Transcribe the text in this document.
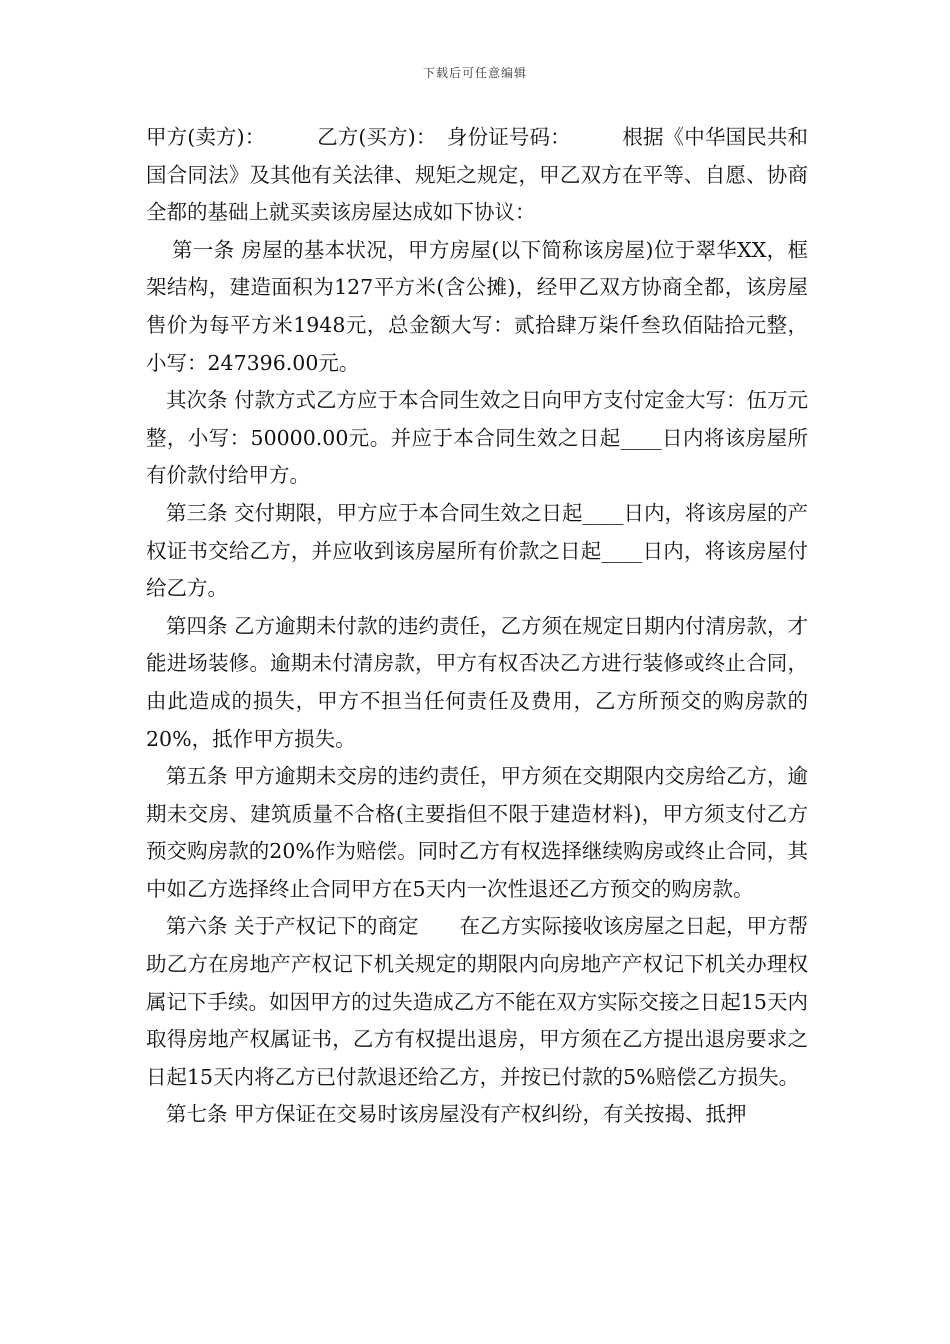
下载后可任意编辑

甲方(卖方)：　　　乙方(买方)：　身份证号码：　　　根据《中华国民共和国合同法》及其他有关法律、规矩之规定，甲乙双方在平等、自愿、协商全都的基础上就买卖该房屋达成如下协议：

第一条 房屋的基本状况，甲方房屋(以下简称该房屋)位于翠华XX，框架结构，建造面积为127平方米(含公摊)，经甲乙双方协商全都，该房屋售价为每平方米1948元，总金额大写：贰拾肆万柒仟叁玖佰陆拾元整，小写：247396.00元。

其次条 付款方式乙方应于本合同生效之日向甲方支付定金大写：伍万元整，小写：50000.00元。并应于本合同生效之日起____日内将该房屋所有价款付给甲方。

第三条 交付期限，甲方应于本合同生效之日起____日内，将该房屋的产权证书交给乙方，并应收到该房屋所有价款之日起____日内，将该房屋付给乙方。

第四条 乙方逾期未付款的违约责任，乙方须在规定日期内付清房款，才能进场装修。逾期未付清房款，甲方有权否决乙方进行装修或终止合同，由此造成的损失，甲方不担当任何责任及费用，乙方所预交的购房款的20%，抵作甲方损失。

第五条 甲方逾期未交房的违约责任，甲方须在交期限内交房给乙方，逾期未交房、建筑质量不合格(主要指但不限于建造材料)，甲方须支付乙方预交购房款的20%作为赔偿。同时乙方有权选择继续购房或终止合同，其中如乙方选择终止合同甲方在5天内一次性退还乙方预交的购房款。

第六条 关于产权记下的商定　　在乙方实际接收该房屋之日起，甲方帮助乙方在房地产产权记下机关规定的期限内向房地产产权记下机关办理权属记下手续。如因甲方的过失造成乙方不能在双方实际交接之日起15天内取得房地产权属证书，乙方有权提出退房，甲方须在乙方提出退房要求之日起15天内将乙方已付款退还给乙方，并按已付款的5%赔偿乙方损失。

第七条 甲方保证在交易时该房屋没有产权纠纷，有关按揭、抵押
